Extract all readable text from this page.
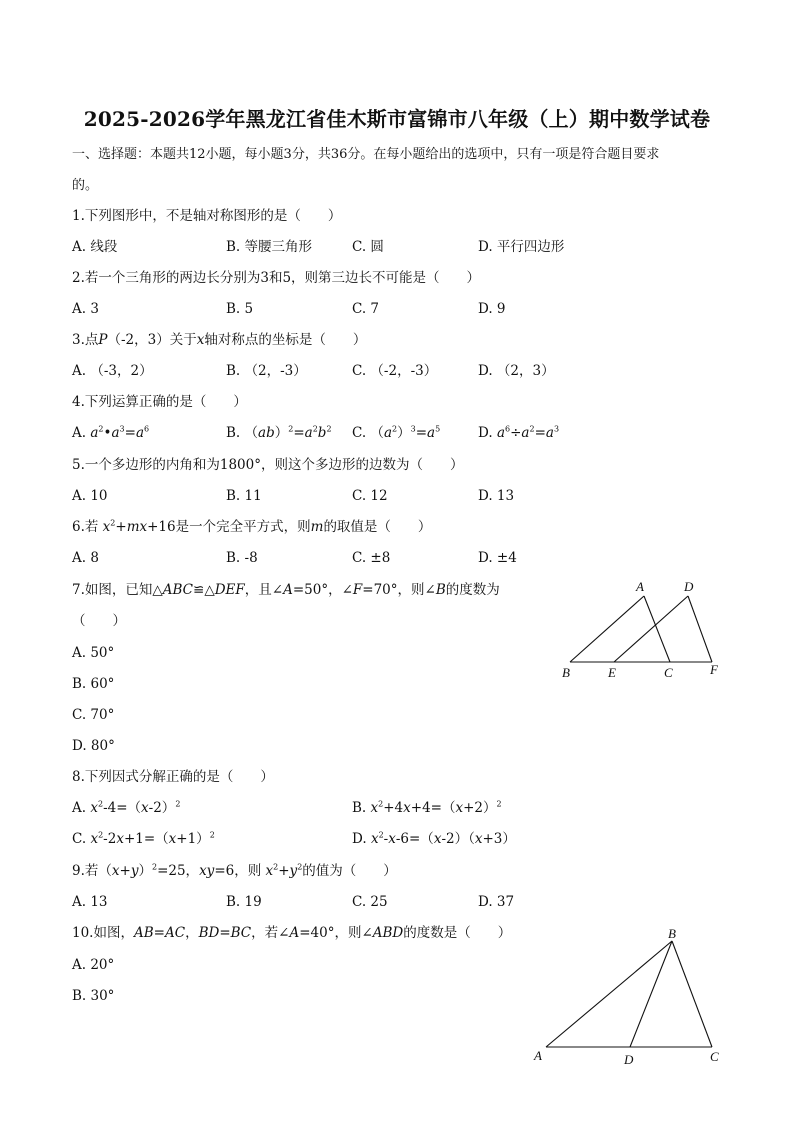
2025-2026学年黑龙江省佳木斯市富锦市八年级（上）期中数学试卷
一、选择题：本题共12小题，每小题3分，共36分。在每小题给出的选项中，只有一项是符合题目要求
的。
1.下列图形中，不是轴对称图形的是（　　）
A. 线段	B. 等腰三角形	C. 圆	D. 平行四边形
2.若一个三角形的两边长分别为3和5，则第三边长不可能是（　　）
A. 3	B. 5	C. 7	D. 9
3.点P（-2，3）关于x轴对称点的坐标是（　　）
A. （-3，2）	B. （2，-3）	C. （-2，-3）	D. （2，3）
4.下列运算正确的是（　　）
A. $a^2•a^3=a^6$	B. $(ab)^2=a^2b^2$ C. $(a^2)^3=a^5$	D. $a^6\div a^2=a^3$
5.一个多边形的内角和为1800°，则这个多边形的边数为（　　）
A. 10	B. 11	C. 12	D. 13
6.若 $x^2+mx+16$是一个完全平方式，则m的取值是（　　）
A. 8	B. -8	C. ±8	D. ±4
7.如图，已知△ABC≌△DEF，且∠A=50°，∠F=70°，则∠B的度数为
（　　）
A. 50°
B. 60°
C. 70°
D. 80°
A	D
B	E	C	F
8.下列因式分解正确的是（　　）
A. $x^2-4=(x-2)^2$	B. $x^2+4x+4=(x+2)^2$
C. $x^2-2x+1=(x+1)^2$	D. $x^2-x-6=(x-2)(x+3)$
9.若$(x+y)^2=25$，xy=6，则 $x^2+y^2$的值为（　　）
A. 13	B. 19	C. 25	D. 37
10.如图，AB=AC，BD=BC，若∠A=40°，则∠ABD的度数是（　　）
A. 20°
B. 30°
B
A	D	C
